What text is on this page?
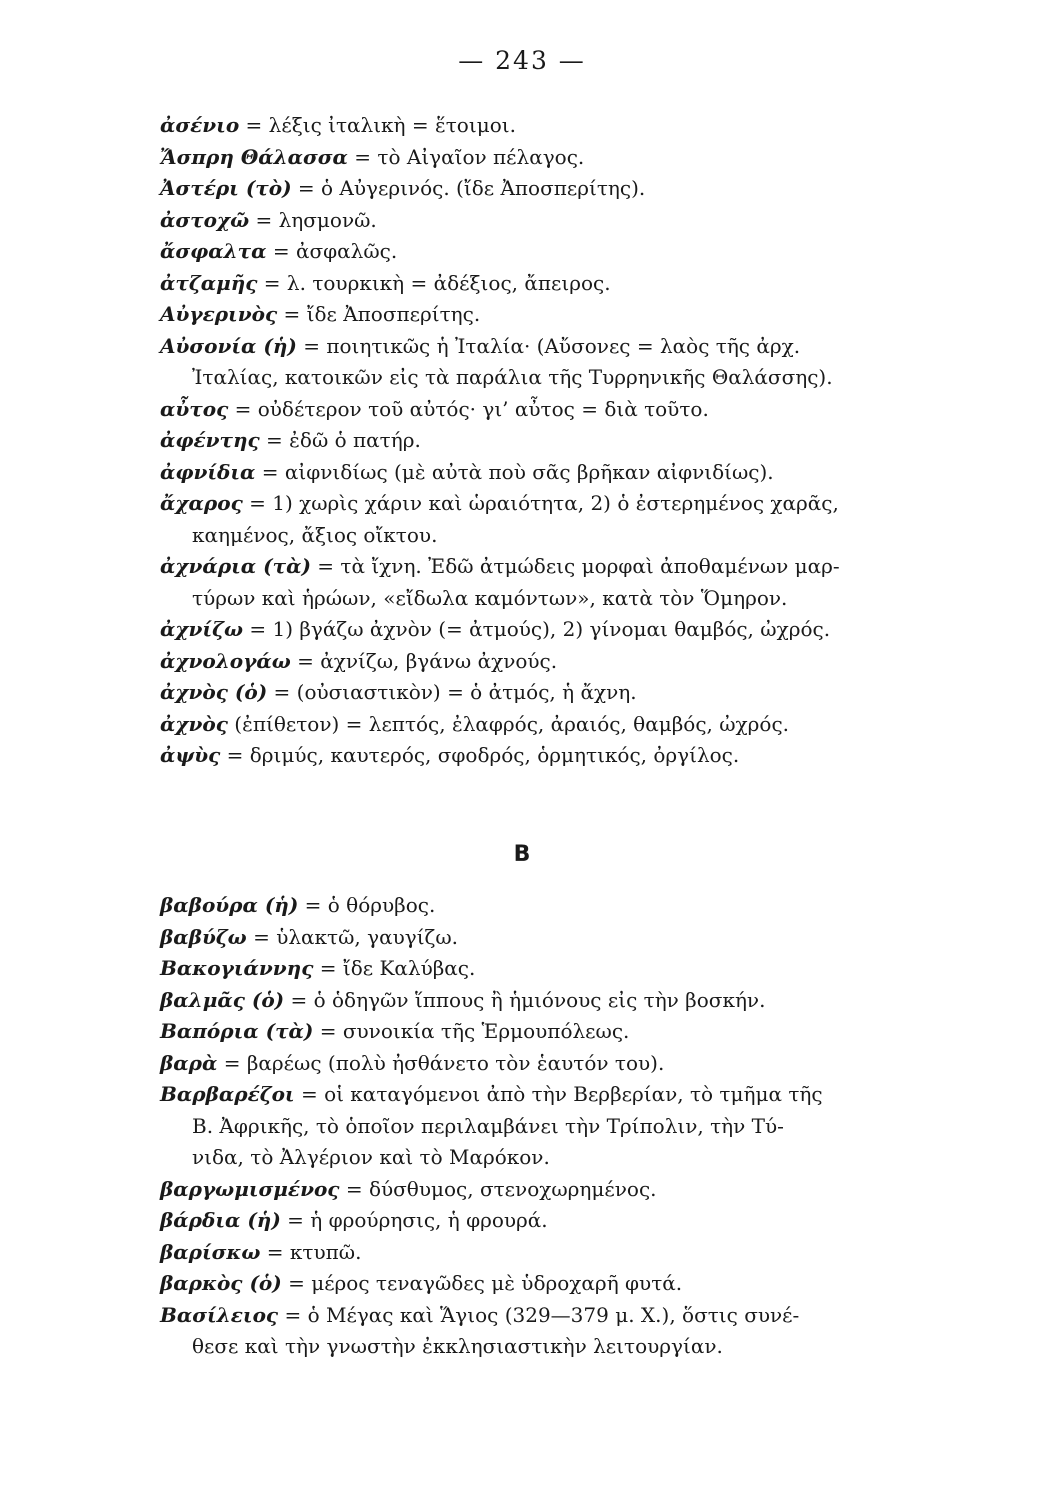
— 243 —

ἀσένιο = λέξις ἰταλικὴ = ἕτοιμοι.

Ἄσπρη Θάλασσα = τὸ Αἰγαῖον πέλαγος.

Ἀστέρι (τὸ) = ὁ Αὐγερινός. (ἴδε Ἀποσπερίτης).

ἀστοχῶ = λησμονῶ.

ἄσφαλτα = ἀσφαλῶς.

ἀτζαμῆς = λ. τουρκικὴ = ἀδέξιος, ἄπειρος.

Αὐγερινὸς = ἴδε Ἀποσπερίτης.

Αὐσονία (ἡ) = ποιητικῶς ἡ Ἰταλία· (Αὔσονες = λαὸς τῆς ἀρχ.

Ἰταλίας, κατοικῶν εἰς τὰ παράλια τῆς Τυρρηνικῆς Θαλάσσης).

αὖτος = οὐδέτερον τοῦ αὐτός· γι’ αὖτος = διὰ τοῦτο.

ἀφέντης = ἐδῶ ὁ πατήρ.

ἀφνίδια = αἰφνιδίως (μὲ αὐτὰ ποὺ σᾶς βρῆκαν αἰφνιδίως).

ἄχαρος = 1) χωρὶς χάριν καὶ ὡραιότητα, 2) ὁ ἐστερημένος χαρᾶς,

καημένος, ἄξιος οἴκτου.

ἀχνάρια (τὰ) = τὰ ἴχνη. Ἐδῶ ἀτμώδεις μορφαὶ ἀποθαμένων μαρ-

τύρων καὶ ἡρώων, «εἴδωλα καμόντων», κατὰ τὸν Ὅμηρον.

ἀχνίζω = 1) βγάζω ἀχνὸν (= ἀτμούς), 2) γίνομαι θαμβός, ὠχρός.

ἀχνολογάω = ἀχνίζω, βγάνω ἀχνούς.

ἀχνὸς (ὁ) = (οὐσιαστικὸν) = ὁ ἀτμός, ἡ ἄχνη.

ἀχνὸς (ἐπίθετον) = λεπτός, ἐλαφρός, ἀραιός, θαμβός, ὠχρός.

ἀψὺς = δριμύς, καυτερός, σφοδρός, ὁρμητικός, ὀργίλος.

Β

βαβούρα (ἡ) = ὁ θόρυβος.

βαβύζω = ὑλακτῶ, γαυγίζω.

Βακογιάννης = ἴδε Καλύβας.

βαλμᾶς (ὁ) = ὁ ὁδηγῶν ἵππους ἢ ἡμιόνους εἰς τὴν βοσκήν.

Βαπόρια (τὰ) = συνοικία τῆς Ἑρμουπόλεως.

βαρὰ = βαρέως (πολὺ ἠσθάνετο τὸν ἑαυτόν του).

Βαρβαρέζοι = οἱ καταγόμενοι ἀπὸ τὴν Βερβερίαν, τὸ τμῆμα τῆς

Β. Ἀφρικῆς, τὸ ὁποῖον περιλαμβάνει τὴν Τρίπολιν, τὴν Τύ-

νιδα, τὸ Ἀλγέριον καὶ τὸ Μαρόκον.

βαργωμισμένος = δύσθυμος, στενοχωρημένος.

βάρδια (ἡ) = ἡ φρούρησις, ἡ φρουρά.

βαρίσκω = κτυπῶ.

βαρκὸς (ὁ) = μέρος τεναγῶδες μὲ ὑδροχαρῆ φυτά.

Βασίλειος = ὁ Μέγας καὶ Ἅγιος (329—379 μ. Χ.), ὅστις συνέ-

θεσε καὶ τὴν γνωστὴν ἐκκλησιαστικὴν λειτουργίαν.
